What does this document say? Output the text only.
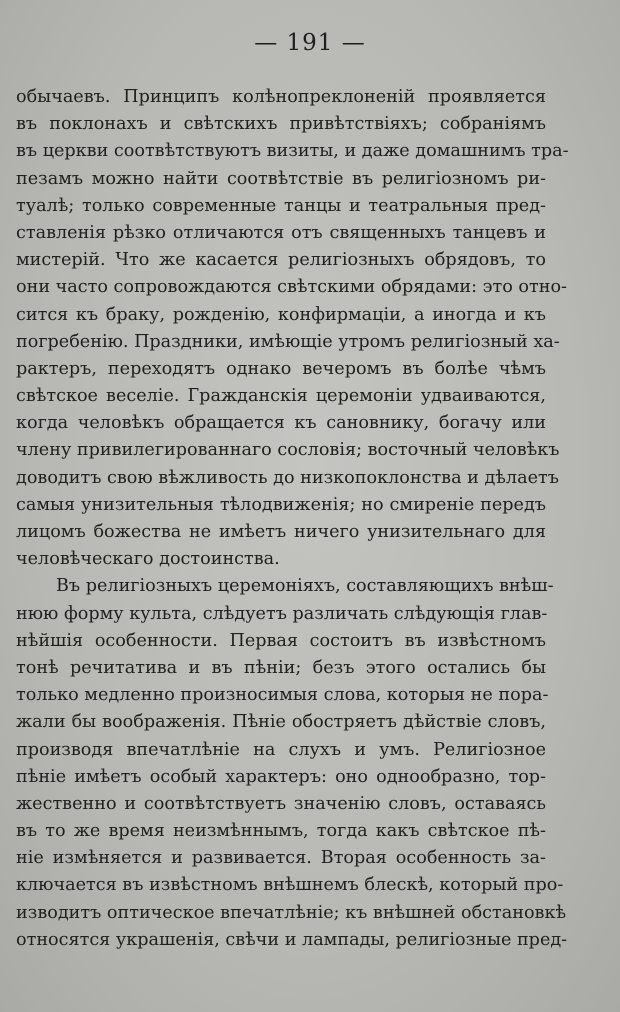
— 191 —
обычаевъ. Принципъ колѣнопреклоненій проявляется
въ поклонахъ и свѣтскихъ привѣтствіяхъ; собраніямъ
въ церкви соотвѣтствуютъ визиты, и даже домашнимъ тра-
пезамъ можно найти соотвѣтствіе въ религіозномъ ри-
туалѣ; только современные танцы и театральныя пред-
ставленія рѣзко отличаются отъ священныхъ танцевъ и
мистерій. Что же касается религіозныхъ обрядовъ, то
они часто сопровождаются свѣтскими обрядами: это отно-
сится къ браку, рожденію, конфирмаціи, а иногда и къ
погребенію. Праздники, имѣющіе утромъ религіозный ха-
рактеръ, переходятъ однако вечеромъ въ болѣе чѣмъ
свѣтское веселіе. Гражданскія церемоніи удваиваются,
когда человѣкъ обращается къ сановнику, богачу или
члену привилегированнаго сословія; восточный человѣкъ
доводитъ свою вѣжливость до низкопоклонства и дѣлаетъ
самыя унизительныя тѣлодвиженія; но смиреніе передъ
лицомъ божества не имѣетъ ничего унизительнаго для
человѣческаго достоинства.
Въ религіозныхъ церемоніяхъ, составляющихъ внѣш-
нюю форму культа, слѣдуетъ различать слѣдующія глав-
нѣйшія особенности. Первая состоитъ въ извѣстномъ
тонѣ речитатива и въ пѣніи; безъ этого остались бы
только медленно произносимыя слова, которыя не пора-
жали бы воображенія. Пѣніе обостряетъ дѣйствіе словъ,
производя впечатлѣніе на слухъ и умъ. Религіозное
пѣніе имѣетъ особый характеръ: оно однообразно, тор-
жественно и соотвѣтствуетъ значенію словъ, оставаясь
въ то же время неизмѣннымъ, тогда какъ свѣтское пѣ-
ніе измѣняется и развивается. Вторая особенность за-
ключается въ извѣстномъ внѣшнемъ блескѣ, который про-
изводитъ оптическое впечатлѣніе; къ внѣшней обстановкѣ
относятся украшенія, свѣчи и лампады, религіозные пред-
